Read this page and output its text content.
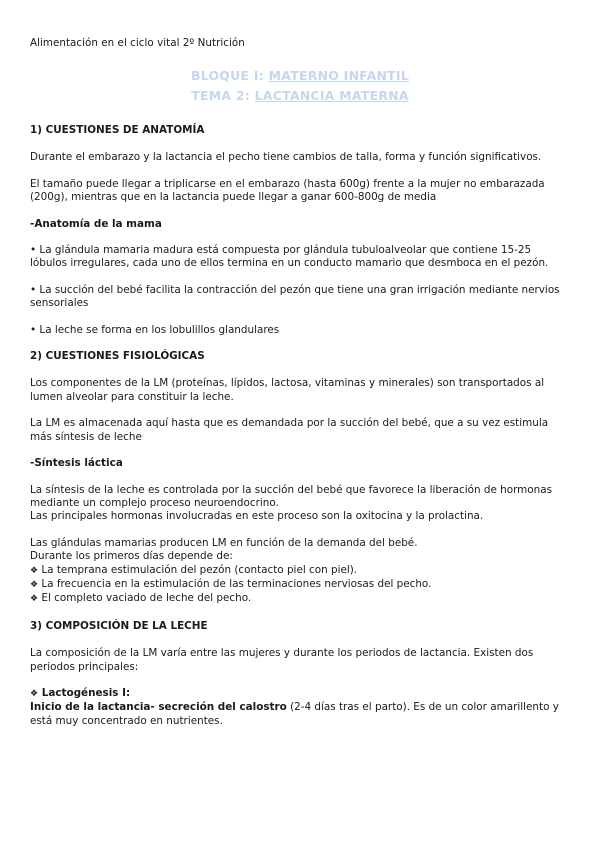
Alimentación en el ciclo vital 2º Nutrición
BLOQUE I: MATERNO INFANTIL
TEMA 2: LACTANCIA MATERNA

1) CUESTIONES DE ANATOMÍA

Durante el embarazo y la lactancia el pecho tiene cambios de talla, forma y función significativos.

El tamaño puede llegar a triplicarse en el embarazo (hasta 600g) frente a la mujer no embarazada (200g), mientras que en la lactancia puede llegar a ganar 600-800g de media

-Anatomía de la mama

• La glándula mamaria madura está compuesta por glándula tubuloalveolar que contiene 15-25 lóbulos irregulares, cada uno de ellos termina en un conducto mamario que desmboca en el pezón.

• La succión del bebé facilita la contracción del pezón que tiene una gran irrigación mediante nervios sensoriales

• La leche se forma en los lobulillos glandulares

2) CUESTIONES FISIOLÓGICAS

Los componentes de la LM (proteínas, lípidos, lactosa, vitaminas y minerales) son transportados al lumen alveolar para constituir la leche.

La LM es almacenada aquí hasta que es demandada por la succión del bebé, que a su vez estimula más síntesis de leche

-Síntesis láctica

La síntesis de la leche es controlada por la succión del bebé que favorece la liberación de hormonas mediante un complejo proceso neuroendocrino.

Las principales hormonas involucradas en este proceso son la oxitocina y la prolactina.

Las glándulas mamarias producen LM en función de la demanda del bebé.

Durante los primeros días depende de:

❖ La temprana estimulación del pezón (contacto piel con piel).

❖ La frecuencia en la estimulación de las terminaciones nerviosas del pecho.

❖ El completo vaciado de leche del pecho.

3) COMPOSICIÓN DE LA LECHE

La composición de la LM varía entre las mujeres y durante los periodos de lactancia. Existen dos periodos principales:

❖ Lactogénesis I:

Inicio de la lactancia- secreción del calostro (2-4 días tras el parto). Es de un color amarillento y está muy concentrado en nutrientes.
